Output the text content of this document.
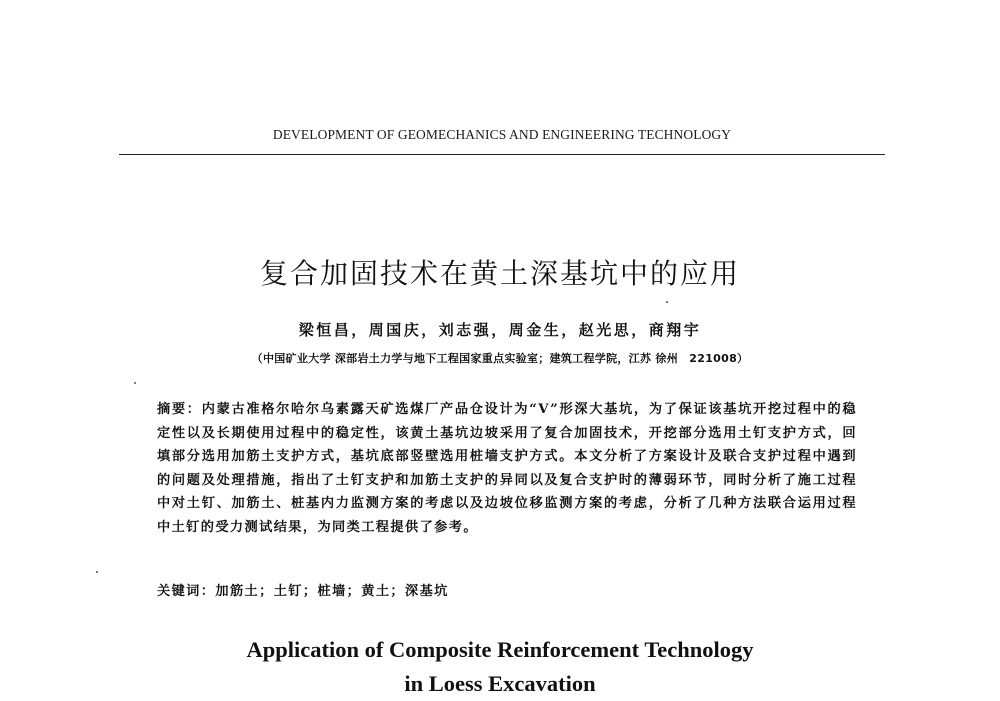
DEVELOPMENT OF GEOMECHANICS AND ENGINEERING TECHNOLOGY
复合加固技术在黄土深基坑中的应用
梁恒昌，周国庆，刘志强，周金生，赵光思，商翔宇
（中国矿业大学 深部岩土力学与地下工程国家重点实验室；建筑工程学院，江苏 徐州　221008）
摘要：内蒙古准格尔哈尔乌素露天矿选煤厂产品仓设计为“V”形深大基坑，为了保证该基坑开挖过程中的稳定性以及长期使用过程中的稳定性，该黄土基坑边坡采用了复合加固技术，开挖部分选用土钉支护方式，回填部分选用加筋土支护方式，基坑底部竖壁选用桩墙支护方式。本文分析了方案设计及联合支护过程中遇到的问题及处理措施，指出了土钉支护和加筋土支护的异同以及复合支护时的薄弱环节，同时分析了施工过程中对土钉、加筋土、桩基内力监测方案的考虑以及边坡位移监测方案的考虑，分析了几种方法联合运用过程中土钉的受力测试结果，为同类工程提供了参考。
关键词：加筋土；土钉；桩墙；黄土；深基坑
Application of Composite Reinforcement Technology
in Loess Excavation
